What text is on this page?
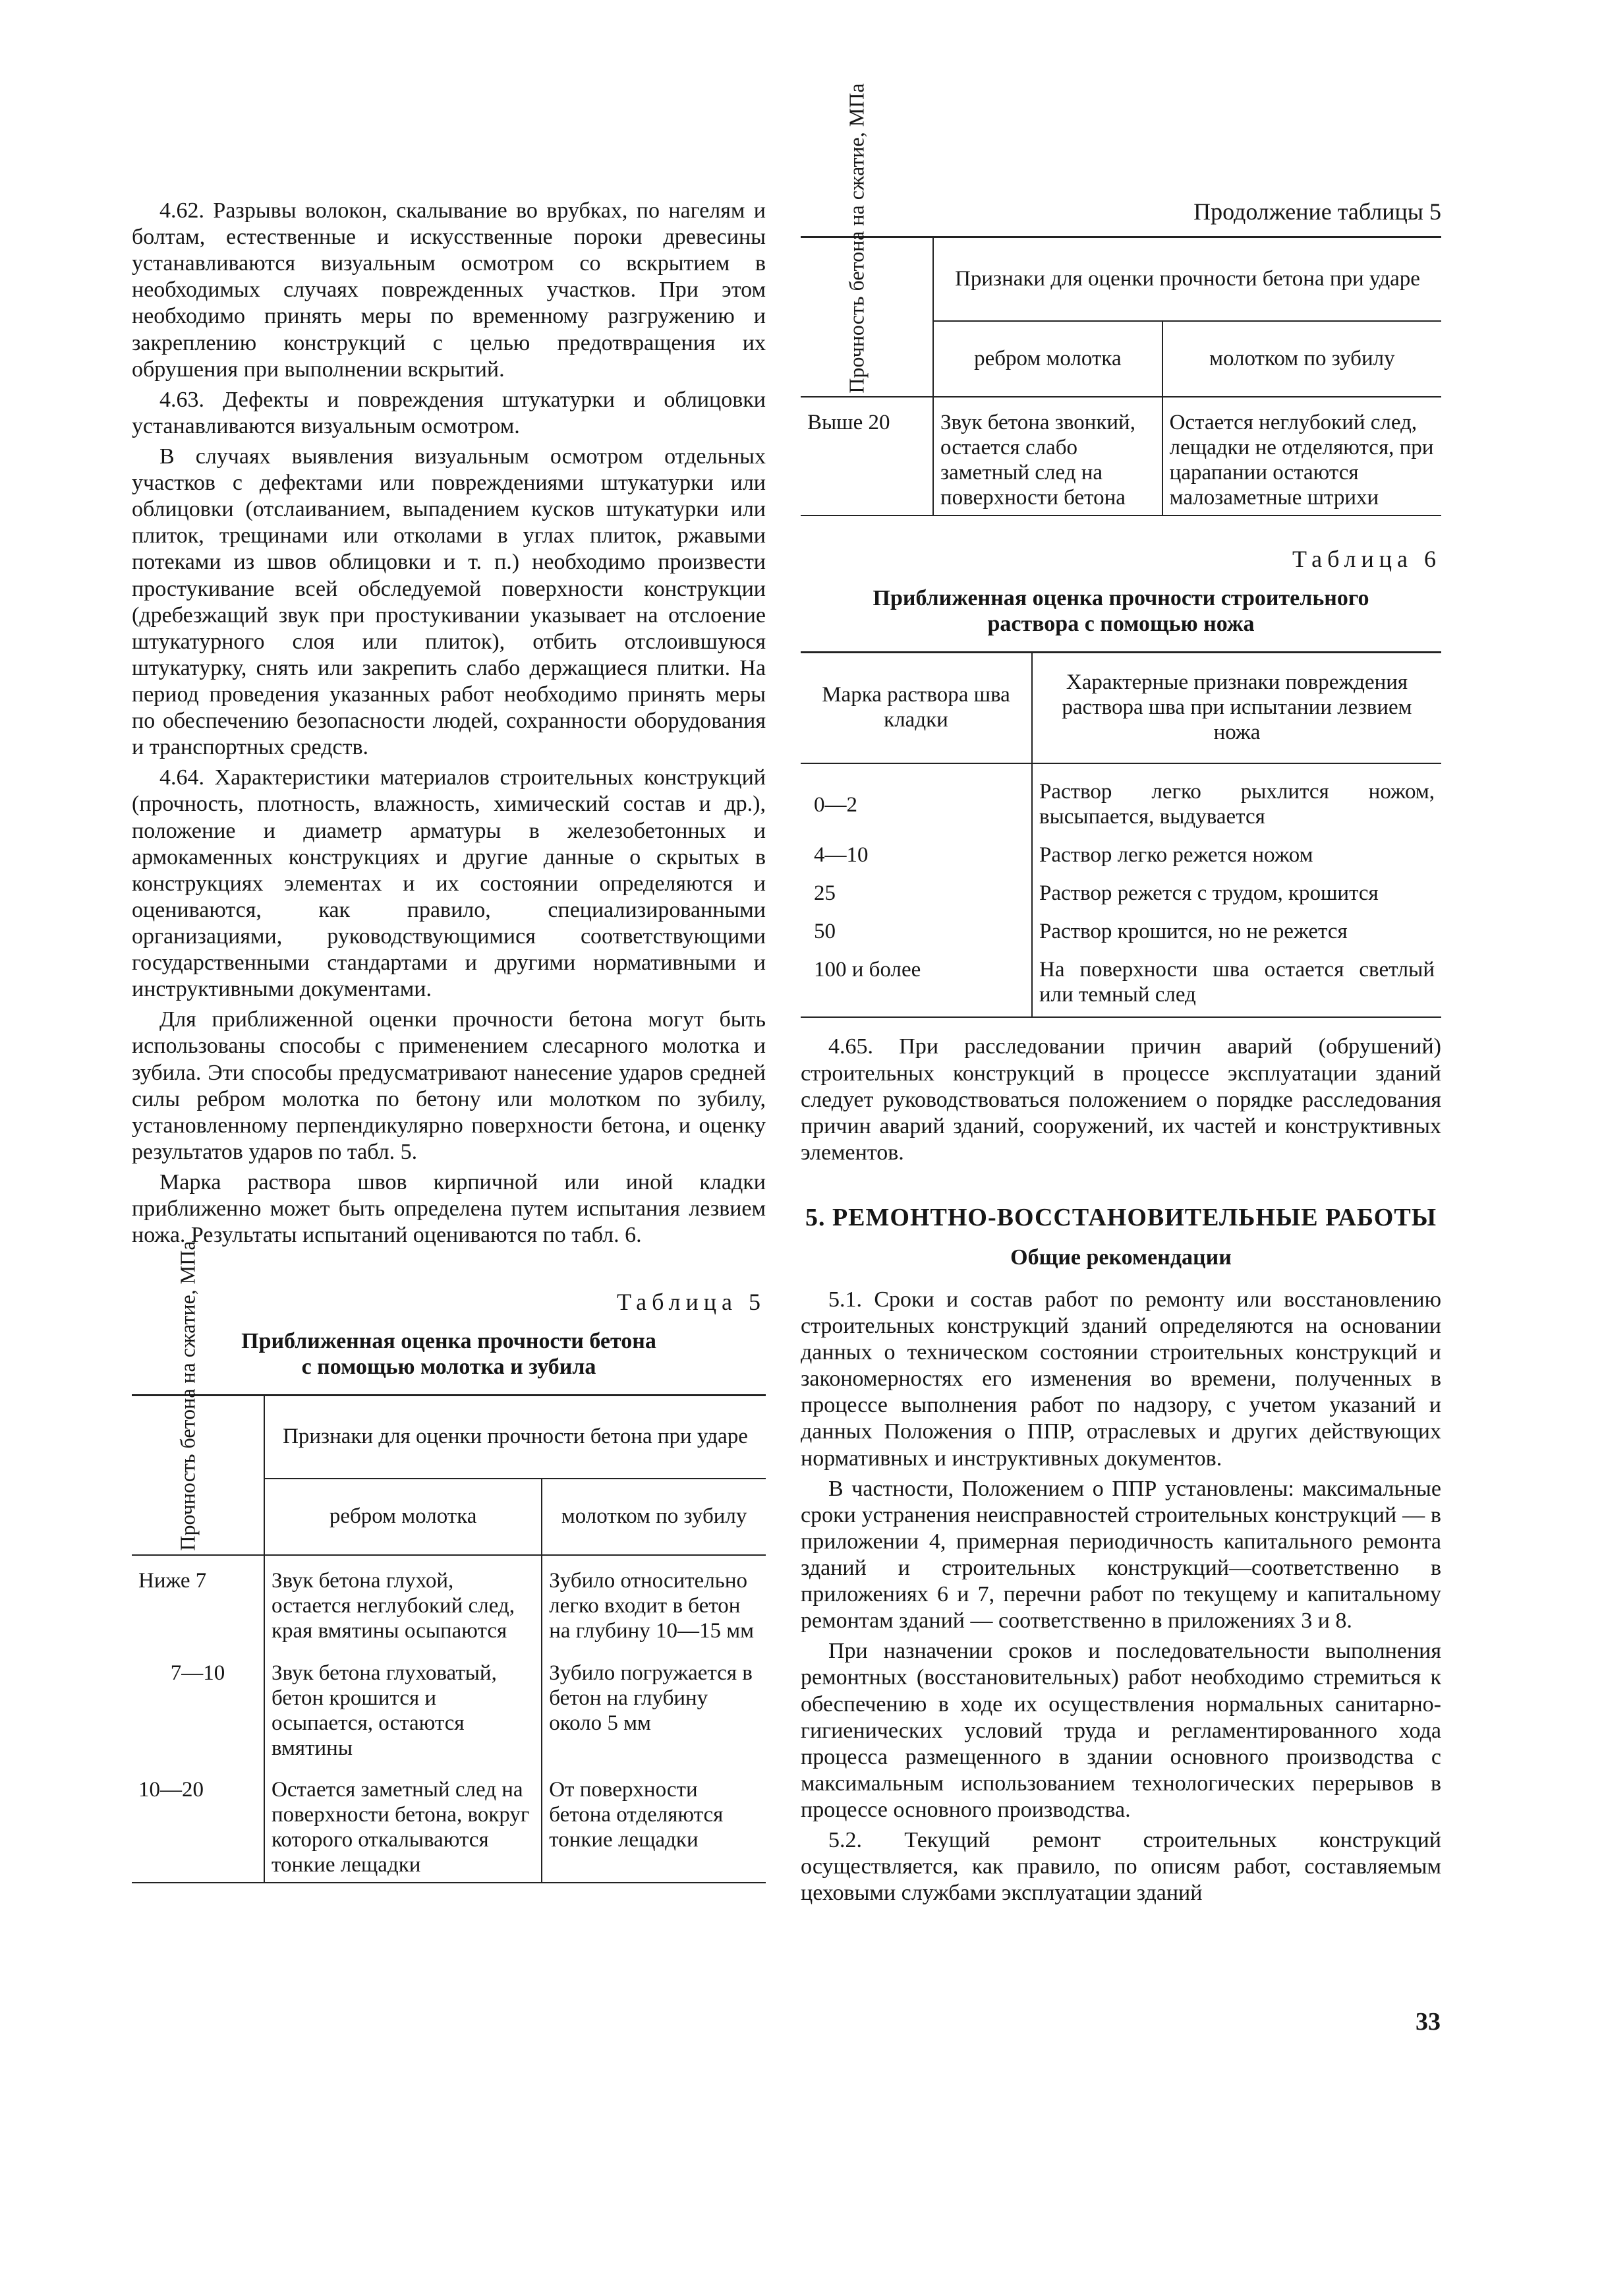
4.62. Разрывы волокон, скалывание во врубках, по нагелям и болтам, естественные и искусственные пороки древесины устанавливаются визуальным осмотром со вскрытием в необходимых случаях поврежденных участков. При этом необходимо принять меры по временному разгружению и закреплению конструкций с целью предотвращения их обрушения при выполнении вскрытий.

4.63. Дефекты и повреждения штукатурки и облицовки устанавливаются визуальным осмотром.

В случаях выявления визуальным осмотром отдельных участков с дефектами или повреждениями штукатурки или облицовки (отслаиванием, выпадением кусков штукатурки или плиток, трещинами или отколами в углах плиток, ржавыми потеками из швов облицовки и т. п.) необходимо произвести простукивание всей обследуемой поверхности конструкции (дребезжащий звук при простукивании указывает на отслоение штукатурного слоя или плиток), отбить отслоившуюся штукатурку, снять или закрепить слабо держащиеся плитки. На период проведения указанных работ необходимо принять меры по обеспечению безопасности людей, сохранности оборудования и транспортных средств.

4.64. Характеристики материалов строительных конструкций (прочность, плотность, влажность, химический состав и др.), положение и диаметр арматуры в железобетонных и армокаменных конструкциях и другие данные о скрытых в конструкциях элементах и их состоянии определяются и оцениваются, как правило, специализированными организациями, руководствующимися соответствующими государственными стандартами и другими нормативными и инструктивными документами.

Для приближенной оценки прочности бетона могут быть использованы способы с применением слесарного молотка и зубила. Эти способы предусматривают нанесение ударов средней силы ребром молотка по бетону или молотком по зубилу, установленному перпендикулярно поверхности бетона, и оценку результатов ударов по табл. 5.

Марка раствора швов кирпичной или иной кладки приближенно может быть определена путем испытания лезвием ножа. Результаты испытаний оцениваются по табл. 6.

Таблица 5
Приближенная оценка прочности бетона
с помощью молотка и зубила
Прочность бетона на сжатие, МПа	Признаки для оценки прочности бетона при ударе	
	ребром молотка	молотком по зубилу
Ниже 7	Звук бетона глухой, остается неглубокий след, края вмятины осыпаются	Зубило относительно легко входит в бетон на глубину 10—15 мм
7—10	Звук бетона глуховатый, бетон крошится и осыпается, остаются вмятины	Зубило погружается в бетон на глубину около 5 мм
10—20	Остается заметный след на поверхности бетона, вокруг которого откалываются тонкие лещадки	От поверхности бетона отделяются тонкие лещадки
Продолжение таблицы 5
Прочность бетона на сжатие, МПа	Признаки для оценки прочности бетона при ударе	
	ребром молотка	молотком по зубилу
Выше 20	Звук бетона звонкий, остается слабо заметный след на поверхности бетона	Остается неглубокий след, лещадки не отделяются, при царапании остаются малозаметные штрихи
Таблица 6
Приближенная оценка прочности строительного
раствора с помощью ножа
Марка раствора шва кладки	Характерные признаки повреждения раствора шва при испытании лезвием ножа
0—2	Раствор легко рыхлится ножом, высыпается, выдувается
4—10	Раствор легко режется ножом
25	Раствор режется с трудом, крошится
50	Раствор крошится, но не режется
100 и более	На поверхности шва остается светлый или темный след

4.65. При расследовании причин аварий (обрушений) строительных конструкций в процессе эксплуатации зданий следует руководствоваться положением о порядке расследования причин аварий зданий, сооружений, их частей и конструктивных элементов.

5. РЕМОНТНО-ВОССТАНОВИТЕЛЬНЫЕ РАБОТЫ
Общие рекомендации

5.1. Сроки и состав работ по ремонту или восстановлению строительных конструкций зданий определяются на основании данных о техническом состоянии строительных конструкций и закономерностях его изменения во времени, полученных в процессе выполнения работ по надзору, с учетом указаний и данных Положения о ППР, отраслевых и других действующих нормативных и инструктивных документов.

В частности, Положением о ППР установлены: максимальные сроки устранения неисправностей строительных конструкций — в приложении 4, примерная периодичность капитального ремонта зданий и строительных конструкций—соответственно в приложениях 6 и 7, перечни работ по текущему и капитальному ремонтам зданий — соответственно в приложениях 3 и 8.

При назначении сроков и последовательности выполнения ремонтных (восстановительных) работ необходимо стремиться к обеспечению в ходе их осуществления нормальных санитарно-гигиенических условий труда и регламентированного хода процесса размещенного в здании основного производства с максимальным использованием технологических перерывов в процессе основного производства.

5.2. Текущий ремонт строительных конструкций осуществляется, как правило, по описям работ, составляемым цеховыми службами эксплуатации зданий

33
